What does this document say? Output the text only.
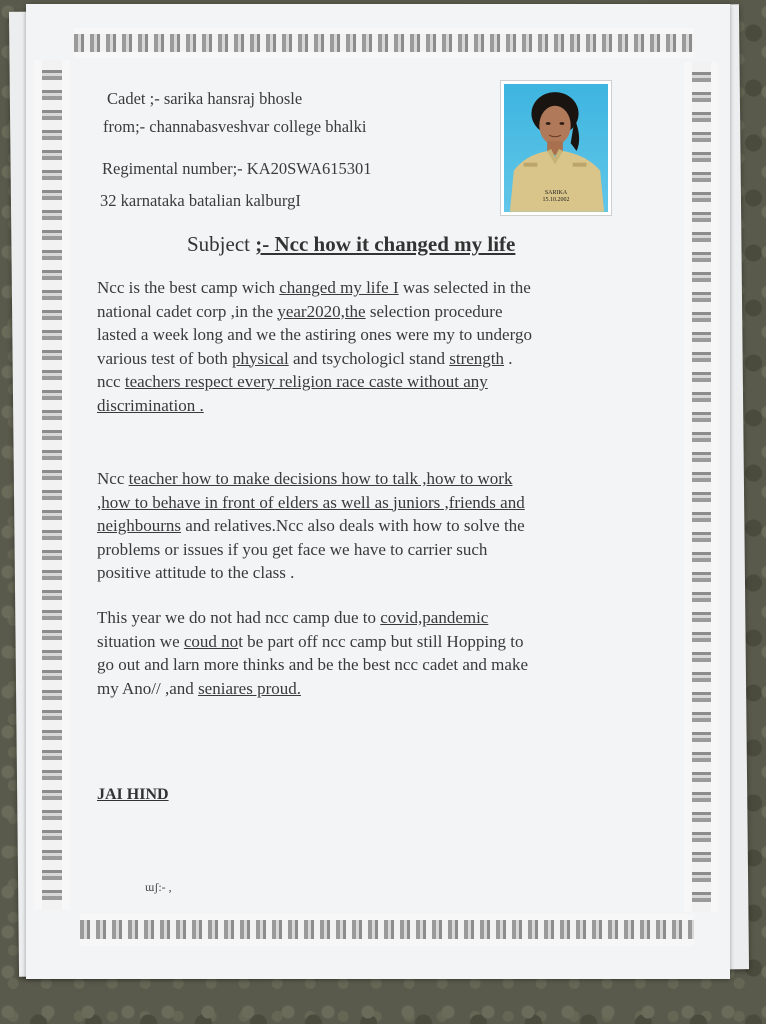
Cadet ;- sarika hansraj bhosle
from;- channabasveshvar college bhalki
Regimental number;- KA20SWA615301
32 karnataka batalian kalburgI	SARIKA
15.10.2002
Subject ;- Ncc how it changed my life
Ncc is the best camp wich changed my life I was selected in the
national cadet corp ,in the year2020,the selection procedure
lasted a week long and we the astiring ones were my to undergo
various test of both physical and tsychologicl stand strength .
ncc teachers respect every religion race caste without any
discrimination .
Ncc teacher how to make decisions how to talk ,how to work
,how to behave in front of elders as well as juniors ,friends and
neighbourns and relatives.Ncc also deals with how to solve the
problems or issues if you get face we have to carrier such
positive attitude to the class .
This year we do not had ncc camp due to covid,pandemic
situation we coud not be part off ncc camp but still Hopping to
go out and larn more thinks and be the best ncc cadet and make
my Ano// ,and seniares proud.
JAI HIND
ɯ﻿ʃ:- ,
